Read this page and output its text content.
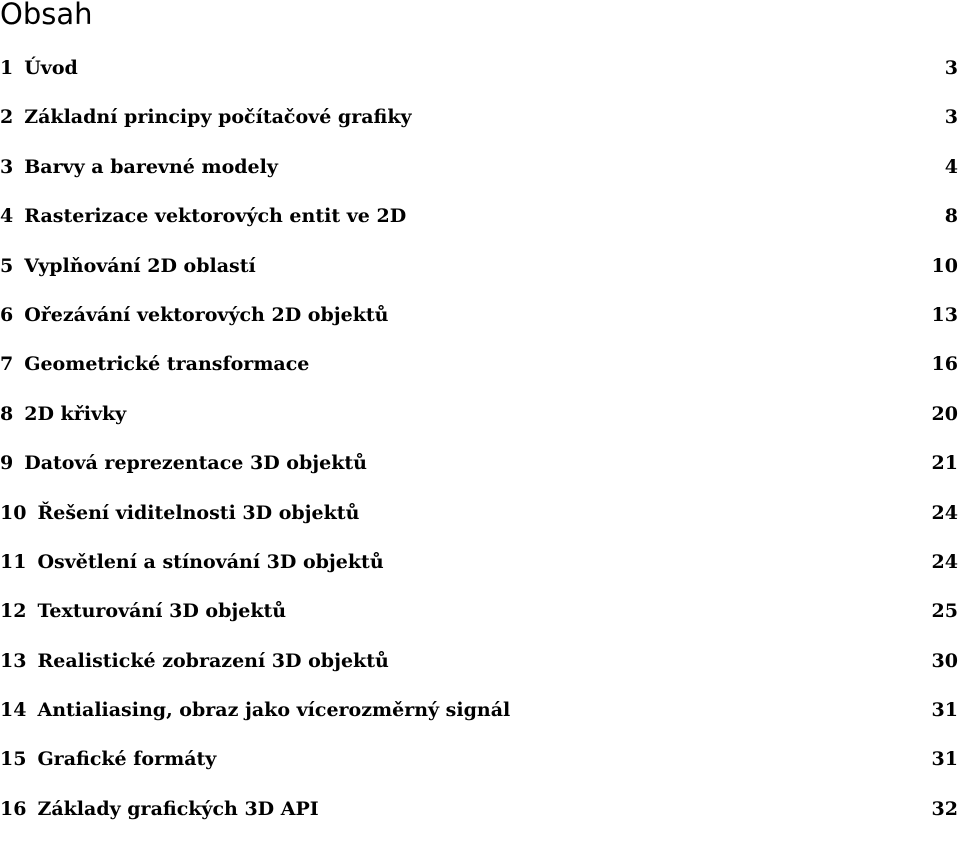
Obsah
1 Úvod	3
2 Základní principy počítačové grafiky	3
3 Barvy a barevné modely	4
4 Rasterizace vektorových entit ve 2D	8
5 Vyplňování 2D oblastí	10
6 Ořezávání vektorových 2D objektů	13
7 Geometrické transformace	16
8 2D křivky	20
9 Datová reprezentace 3D objektů	21
10 Řešení viditelnosti 3D objektů	24
11 Osvětlení a stínování 3D objektů	24
12 Texturování 3D objektů	25
13 Realistické zobrazení 3D objektů	30
14 Antialiasing, obraz jako vícerozměrný signál	31
15 Grafické formáty	31
16 Základy grafických 3D API	32
